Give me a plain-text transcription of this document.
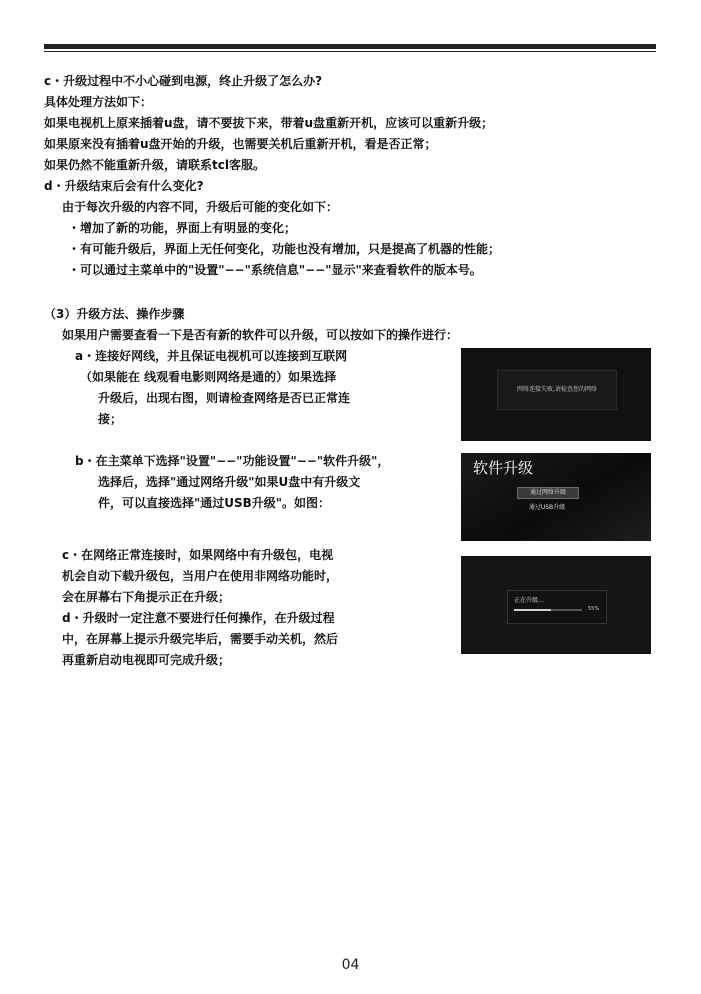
c・升级过程中不小心碰到电源，终止升级了怎么办?
具体处理方法如下：
如果电视机上原来插着u盘，请不要拔下来，带着u盘重新开机，应该可以重新升级；
如果原来没有插着u盘开始的升级，也需要关机后重新开机，看是否正常；
如果仍然不能重新升级，请联系tcl客服。
d・升级结束后会有什么变化?
由于每次升级的内容不同，升级后可能的变化如下：
・增加了新的功能，界面上有明显的变化；
・有可能升级后，界面上无任何变化，功能也没有增加，只是提高了机器的性能；
・可以通过主菜单中的"设置"−−"系统信息"−−"显示"来查看软件的版本号。
（3）升级方法、操作步骤
如果用户需要查看一下是否有新的软件可以升级，可以按如下的操作进行：
a・连接好网线，并且保证电视机可以连接到互联网
（如果能在 线观看电影则网络是通的）如果选择
升级后，出现右图，则请检查网络是否已正常连
接；
b・在主菜单下选择"设置"−−"功能设置"−−"软件升级"，
选择后，选择"通过网络升级"如果U盘中有升级文
件，可以直接选择"通过USB升级"。如图：
c・在网络正常连接时，如果网络中有升级包，电视
机会自动下载升级包，当用户在使用非网络功能时，
会在屏幕右下角提示正在升级；
d・升级时一定注意不要进行任何操作，在升级过程
中，在屏幕上提示升级完毕后，需要手动关机，然后
再重新启动电视即可完成升级；
网络连接失败,请检查您的网络
软件升级
通过网络升级
通过USB升级
正在升级...
55%
04
